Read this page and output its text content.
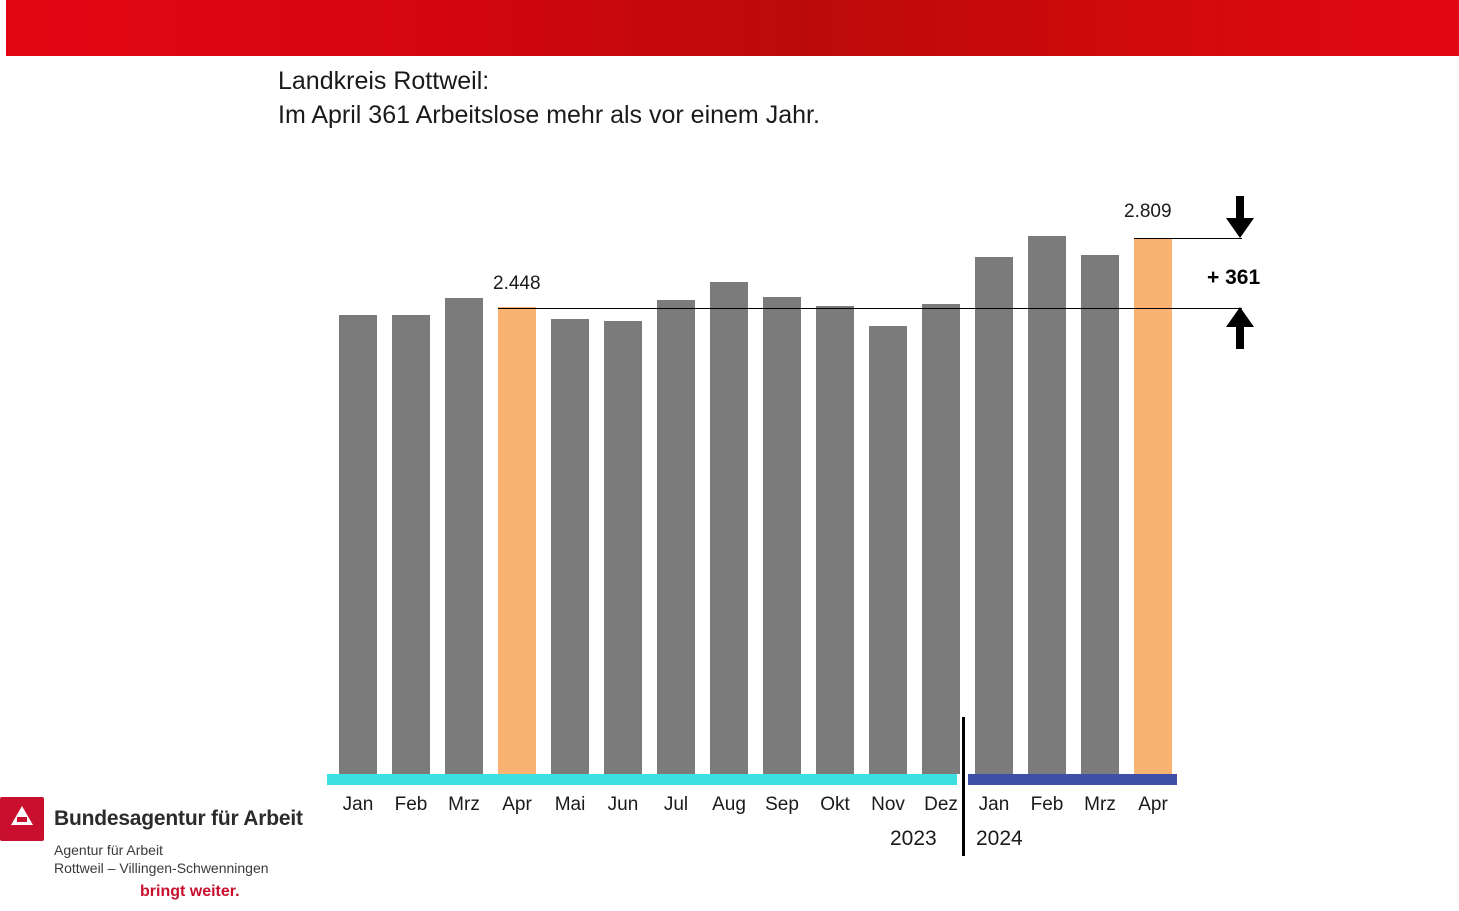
Landkreis Rottweil:
Im April 361 Arbeitslose mehr als vor einem Jahr.
2.448
2.809
+ 361
2023 2024
Jan	Feb	Mrz	Apr	Mai	Jun	Jul	Aug	Sep	Okt	Nov	Dez	Jan	Feb	Mrz	Apr
Bundesagentur für Arbeit
Agentur für Arbeit
Rottweil – Villingen-Schwenningen
bringt weiter.
